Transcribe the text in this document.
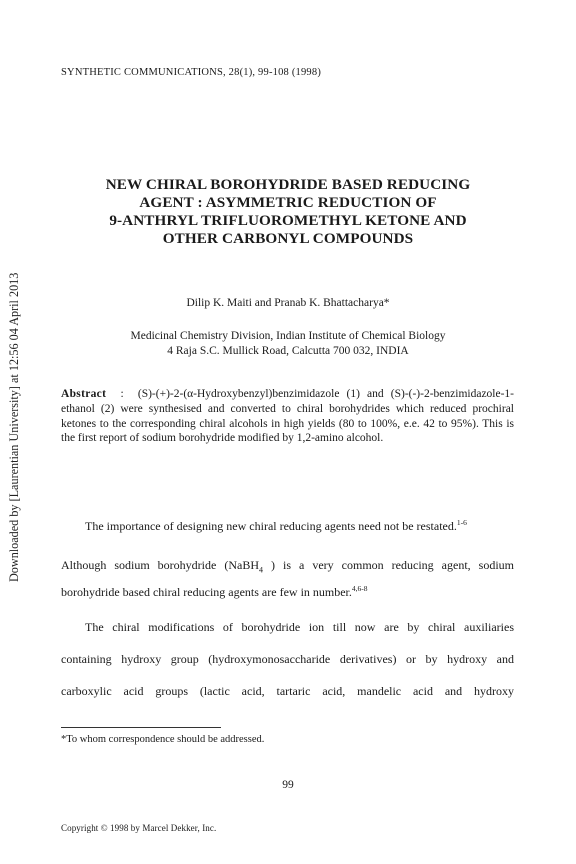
Downloaded by [Laurentian University] at 12:56 04 April 2013
SYNTHETIC COMMUNICATIONS, 28(1), 99-108 (1998)
NEW CHIRAL BOROHYDRIDE BASED REDUCING
AGENT : ASYMMETRIC REDUCTION OF
9-ANTHRYL TRIFLUOROMETHYL KETONE AND
OTHER CARBONYL COMPOUNDS
Dilip K. Maiti and Pranab K. Bhattacharya*
Medicinal Chemistry Division, Indian Institute of Chemical Biology
4 Raja S.C. Mullick Road, Calcutta 700 032, INDIA
Abstract : (S)-(+)-2-(α-Hydroxybenzyl)benzimidazole (1) and (S)-(-)-2-benzimidazole-1-ethanol (2) were synthesised and converted to chiral borohydrides which reduced prochiral ketones to the corresponding chiral alcohols in high yields (80 to 100%, e.e. 42 to 95%). This is the first report of sodium borohydride modified by 1,2-amino alcohol.
The importance of designing new chiral reducing agents need not be restated.$^{1-6}$
Although sodium borohydride (NaBH$_4$ ) is a very common reducing agent, sodium
borohydride based chiral reducing agents are few in number.$^{4,6-8}$
The chiral modifications of borohydride ion till now are by chiral auxiliaries
containing hydroxy group (hydroxymonosaccharide derivatives) or by hydroxy and
carboxylic acid groups (lactic acid, tartaric acid, mandelic acid and hydroxy
*To whom correspondence should be addressed.
99
Copyright © 1998 by Marcel Dekker, Inc.
